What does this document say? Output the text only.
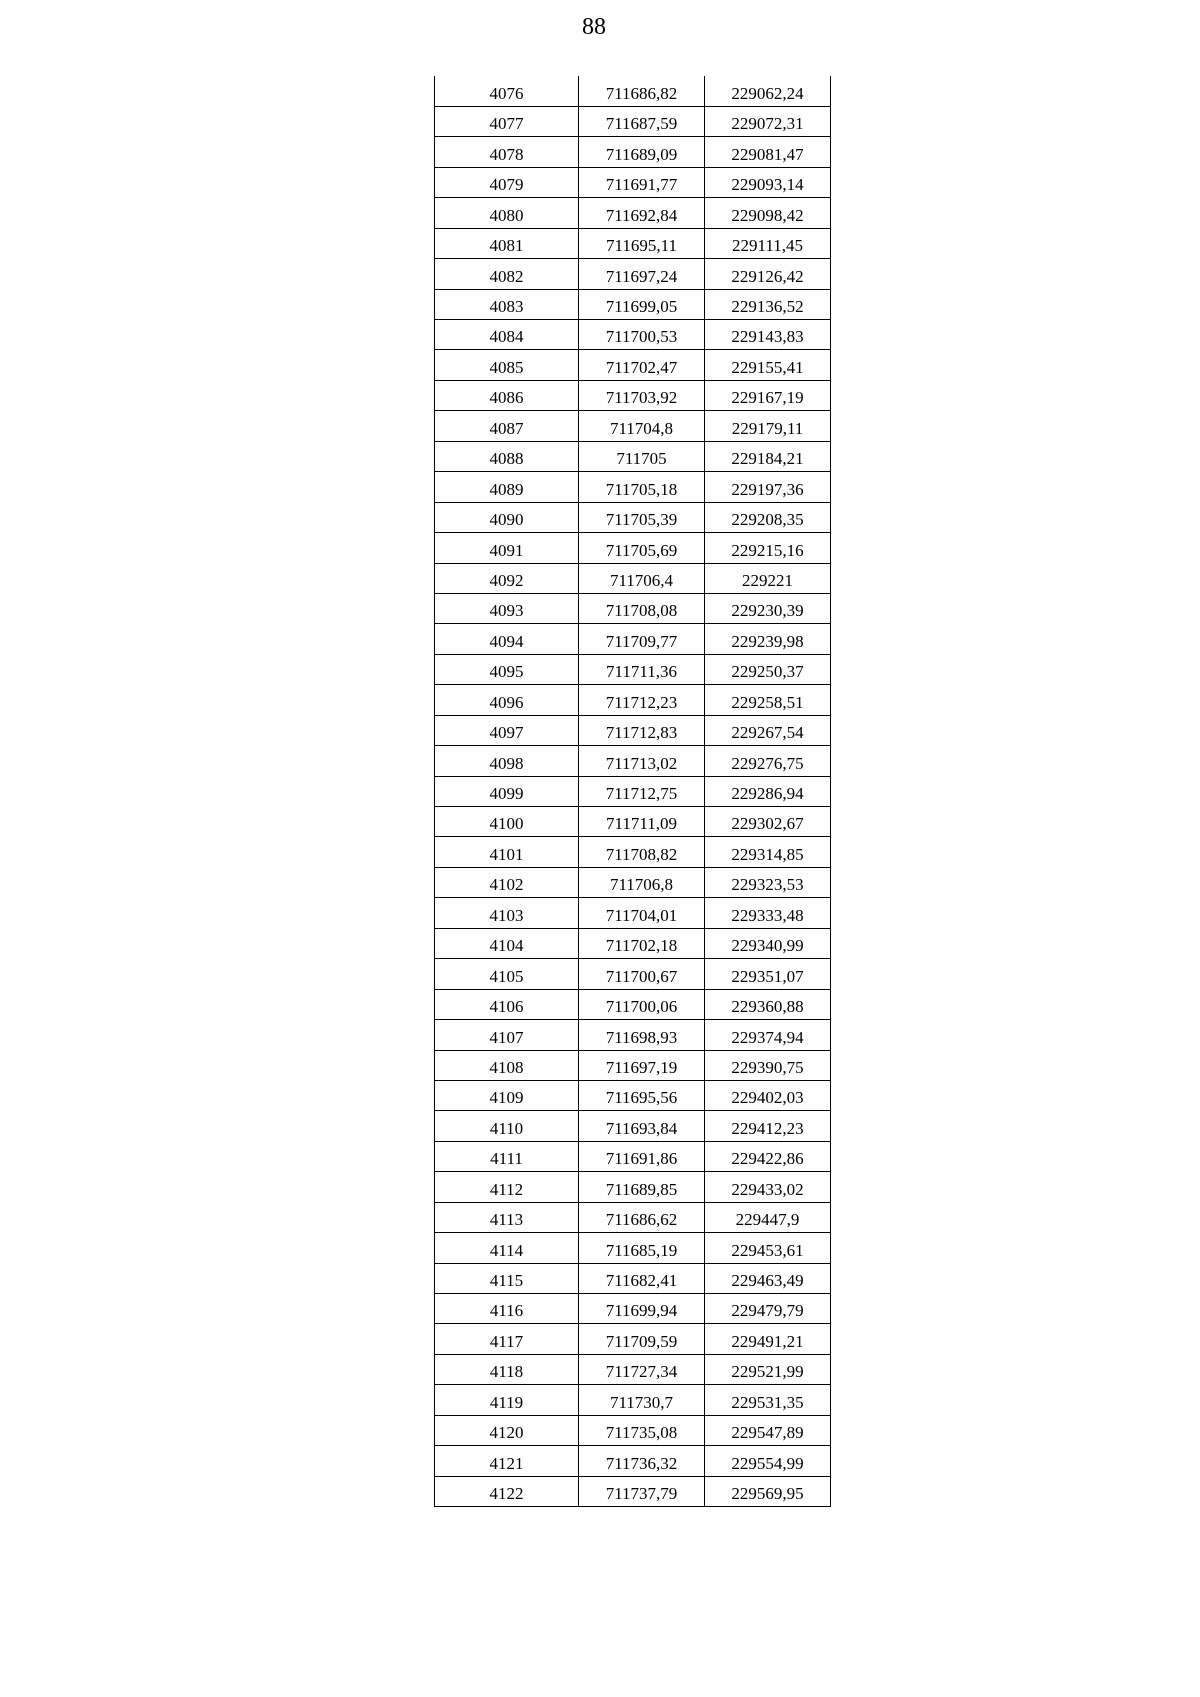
88
4076	711686,82	229062,24
4077	711687,59	229072,31
4078	711689,09	229081,47
4079	711691,77	229093,14
4080	711692,84	229098,42
4081	711695,11	229111,45
4082	711697,24	229126,42
4083	711699,05	229136,52
4084	711700,53	229143,83
4085	711702,47	229155,41
4086	711703,92	229167,19
4087	711704,8	229179,11
4088	711705	229184,21
4089	711705,18	229197,36
4090	711705,39	229208,35
4091	711705,69	229215,16
4092	711706,4	229221
4093	711708,08	229230,39
4094	711709,77	229239,98
4095	711711,36	229250,37
4096	711712,23	229258,51
4097	711712,83	229267,54
4098	711713,02	229276,75
4099	711712,75	229286,94
4100	711711,09	229302,67
4101	711708,82	229314,85
4102	711706,8	229323,53
4103	711704,01	229333,48
4104	711702,18	229340,99
4105	711700,67	229351,07
4106	711700,06	229360,88
4107	711698,93	229374,94
4108	711697,19	229390,75
4109	711695,56	229402,03
4110	711693,84	229412,23
4111	711691,86	229422,86
4112	711689,85	229433,02
4113	711686,62	229447,9
4114	711685,19	229453,61
4115	711682,41	229463,49
4116	711699,94	229479,79
4117	711709,59	229491,21
4118	711727,34	229521,99
4119	711730,7	229531,35
4120	711735,08	229547,89
4121	711736,32	229554,99
4122	711737,79	229569,95
